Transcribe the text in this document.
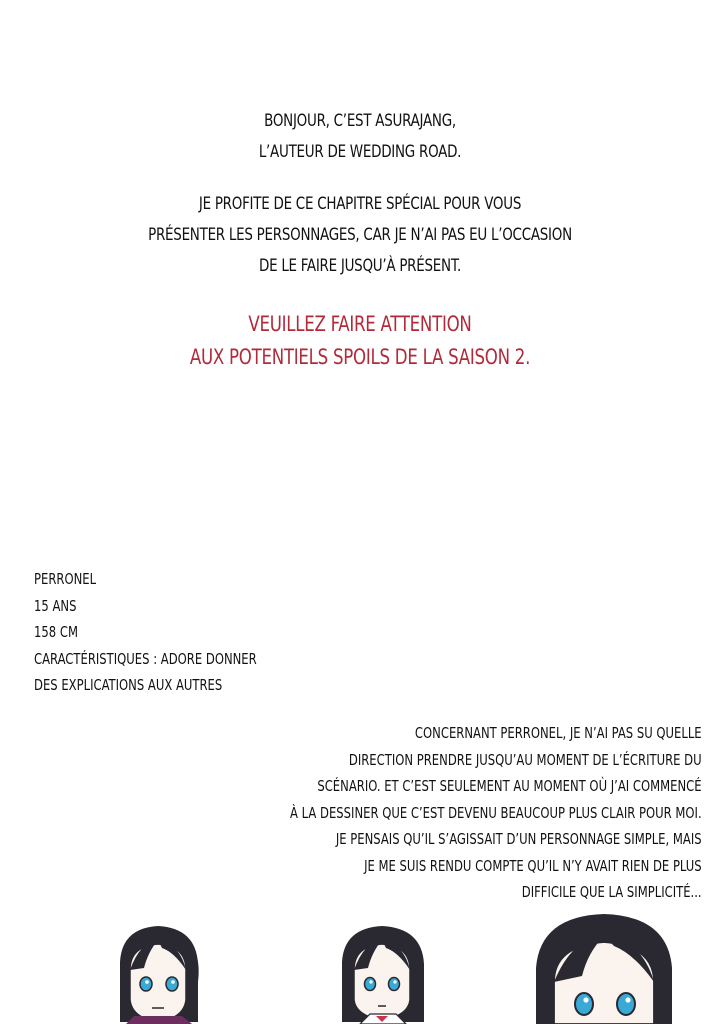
BONJOUR, C’EST ASURAJANG,
L’AUTEUR DE WEDDING ROAD.
JE PROFITE DE CE CHAPITRE SPÉCIAL POUR VOUS
PRÉSENTER LES PERSONNAGES, CAR JE N’AI PAS EU L’OCCASION
DE LE FAIRE JUSQU’À PRÉSENT.
VEUILLEZ FAIRE ATTENTION
AUX POTENTIELS SPOILS DE LA SAISON 2.
PERRONEL
15 ANS
158 CM
CARACTÉRISTIQUES : ADORE DONNER
DES EXPLICATIONS AUX AUTRES
CONCERNANT PERRONEL, JE N’AI PAS SU QUELLE
DIRECTION PRENDRE JUSQU’AU MOMENT DE L’ÉCRITURE DU
SCÉNARIO. ET C’EST SEULEMENT AU MOMENT OÙ J’AI COMMENCÉ
À LA DESSINER QUE C’EST DEVENU BEAUCOUP PLUS CLAIR POUR MOI.
JE PENSAIS QU’IL S’AGISSAIT D’UN PERSONNAGE SIMPLE, MAIS
JE ME SUIS RENDU COMPTE QU’IL N’Y AVAIT RIEN DE PLUS
DIFFICILE QUE LA SIMPLICITÉ...
